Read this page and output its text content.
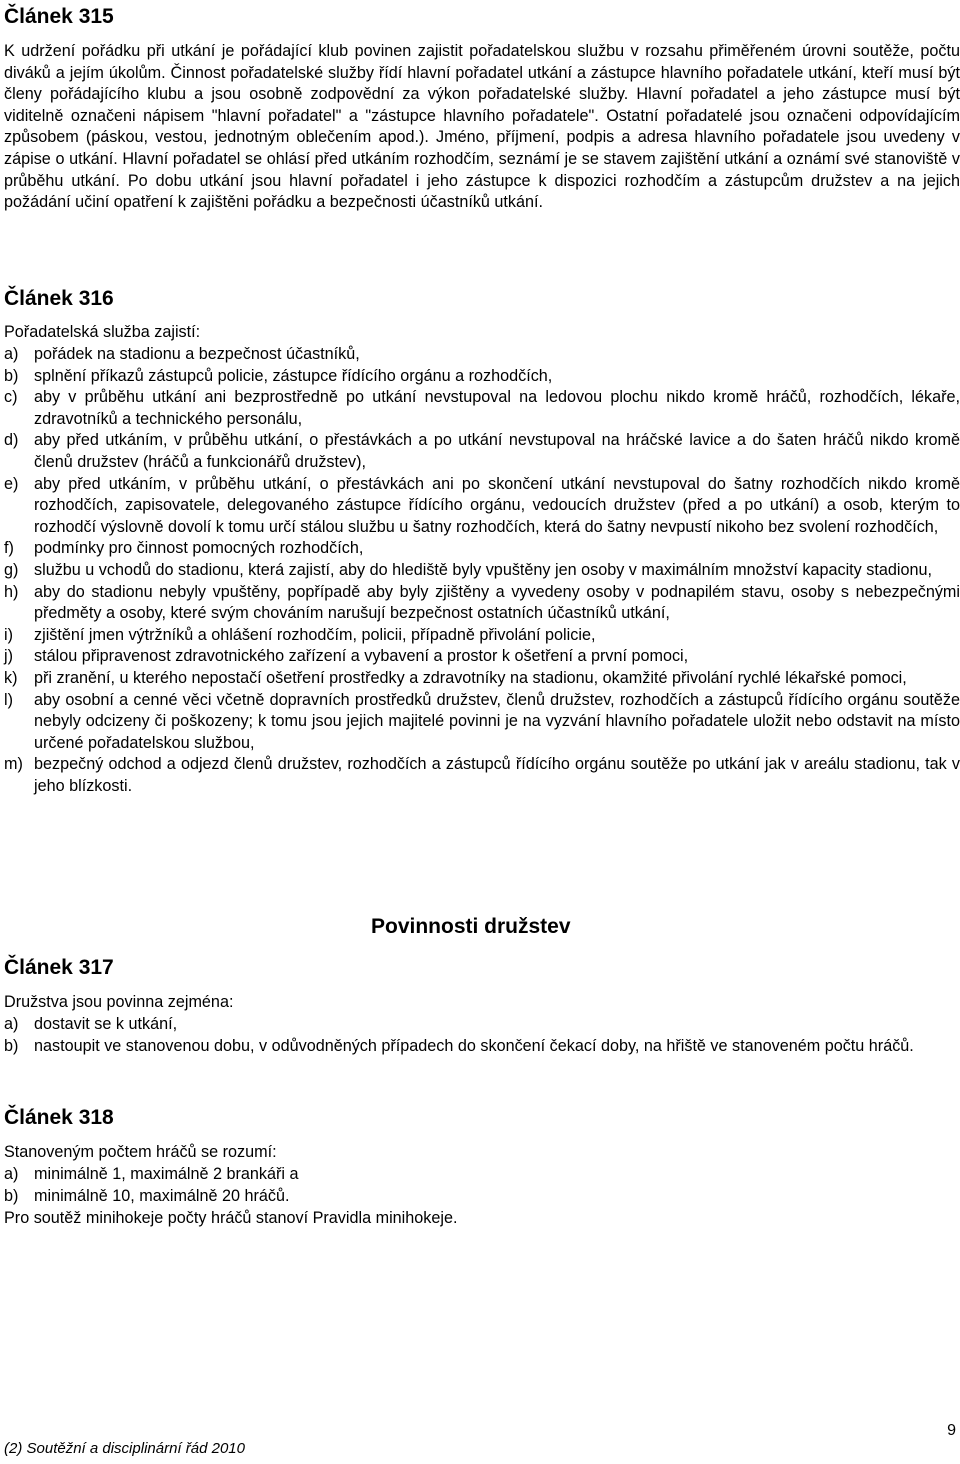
Článek 315

K udržení pořádku při utkání je pořádající klub povinen zajistit pořadatelskou službu v rozsahu přiměřeném úrovni soutěže, počtu diváků a jejím úkolům. Činnost pořadatelské služby řídí hlavní pořadatel utkání a zástupce hlavního pořadatele utkání, kteří musí být členy pořádajícího klubu a jsou osobně zodpovědní za výkon pořadatelské služby. Hlavní pořadatel a jeho zástupce musí být viditelně označeni nápisem "hlavní pořadatel" a "zástupce hlavního pořadatele". Ostatní pořadatelé jsou označeni odpovídajícím způsobem (páskou, vestou, jednotným oblečením apod.). Jméno, příjmení, podpis a adresa hlavního pořadatele jsou uvedeny v zápise o utkání. Hlavní pořadatel se ohlásí před utkáním rozhodčím, seznámí je se stavem zajištění utkání a oznámí své stanoviště v průběhu utkání. Po dobu utkání jsou hlavní pořadatel i jeho zástupce k dispozici rozhodčím a zástupcům družstev a na jejich požádání učiní opatření k zajištěni pořádku a bezpečnosti účastníků utkání.

Článek 316

Pořadatelská služba zajistí:

a) pořádek na stadionu a bezpečnost účastníků,
b) splnění příkazů zástupců policie, zástupce řídícího orgánu a rozhodčích,
c) aby v průběhu utkání ani bezprostředně po utkání nevstupoval na ledovou plochu nikdo kromě hráčů, rozhodčích, lékaře, zdravotníků a technického personálu,
d) aby před utkáním, v průběhu utkání, o přestávkách a po utkání nevstupoval na hráčské lavice a do šaten hráčů nikdo kromě členů družstev (hráčů a funkcionářů družstev),
e) aby před utkáním, v průběhu utkání, o přestávkách ani po skončení utkání nevstupoval do šatny rozhodčích nikdo kromě rozhodčích, zapisovatele, delegovaného zástupce řídícího orgánu, vedoucích družstev (před a po utkání) a osob, kterým to rozhodčí výslovně dovolí k tomu určí stálou službu u šatny rozhodčích, která do šatny nevpustí nikoho bez svolení rozhodčích,
f) podmínky pro činnost pomocných rozhodčích,
g) službu u vchodů do stadionu, která zajistí, aby do hlediště byly vpuštěny jen osoby v maximálním množství kapacity stadionu,
h) aby do stadionu nebyly vpuštěny, popřípadě aby byly zjištěny a vyvedeny osoby v podnapilém stavu, osoby s nebezpečnými předměty a osoby, které svým chováním narušují bezpečnost ostatních účastníků utkání,
i) zjištění jmen výtržníků a ohlášení rozhodčím, policii, případně přivolání policie,
j) stálou připravenost zdravotnického zařízení a vybavení a prostor k ošetření a první pomoci,
k) při zranění, u kterého nepostačí ošetření prostředky a zdravotníky na stadionu, okamžité přivolání rychlé lékařské pomoci,
l) aby osobní a cenné věci včetně dopravních prostředků družstev, členů družstev, rozhodčích a zástupců řídícího orgánu soutěže nebyly odcizeny či poškozeny; k tomu jsou jejich majitelé povinni je na vyzvání hlavního pořadatele uložit nebo odstavit na místo určené pořadatelskou službou,
m) bezpečný odchod a odjezd členů družstev, rozhodčích a zástupců řídícího orgánu soutěže po utkání jak v areálu stadionu, tak v jeho blízkosti.
Povinnosti družstev
Článek 317

Družstva jsou povinna zejména:

a) dostavit se k utkání,
b) nastoupit ve stanovenou dobu, v odůvodněných případech do skončení čekací doby, na hřiště ve stanoveném počtu hráčů.
Článek 318

Stanoveným počtem hráčů se rozumí:

a) minimálně 1, maximálně 2 brankáři a
b) minimálně 10, maximálně 20 hráčů.

Pro soutěž minihokeje počty hráčů stanoví Pravidla minihokeje.

(2) Soutěžní a disciplinární řád 2010
9
